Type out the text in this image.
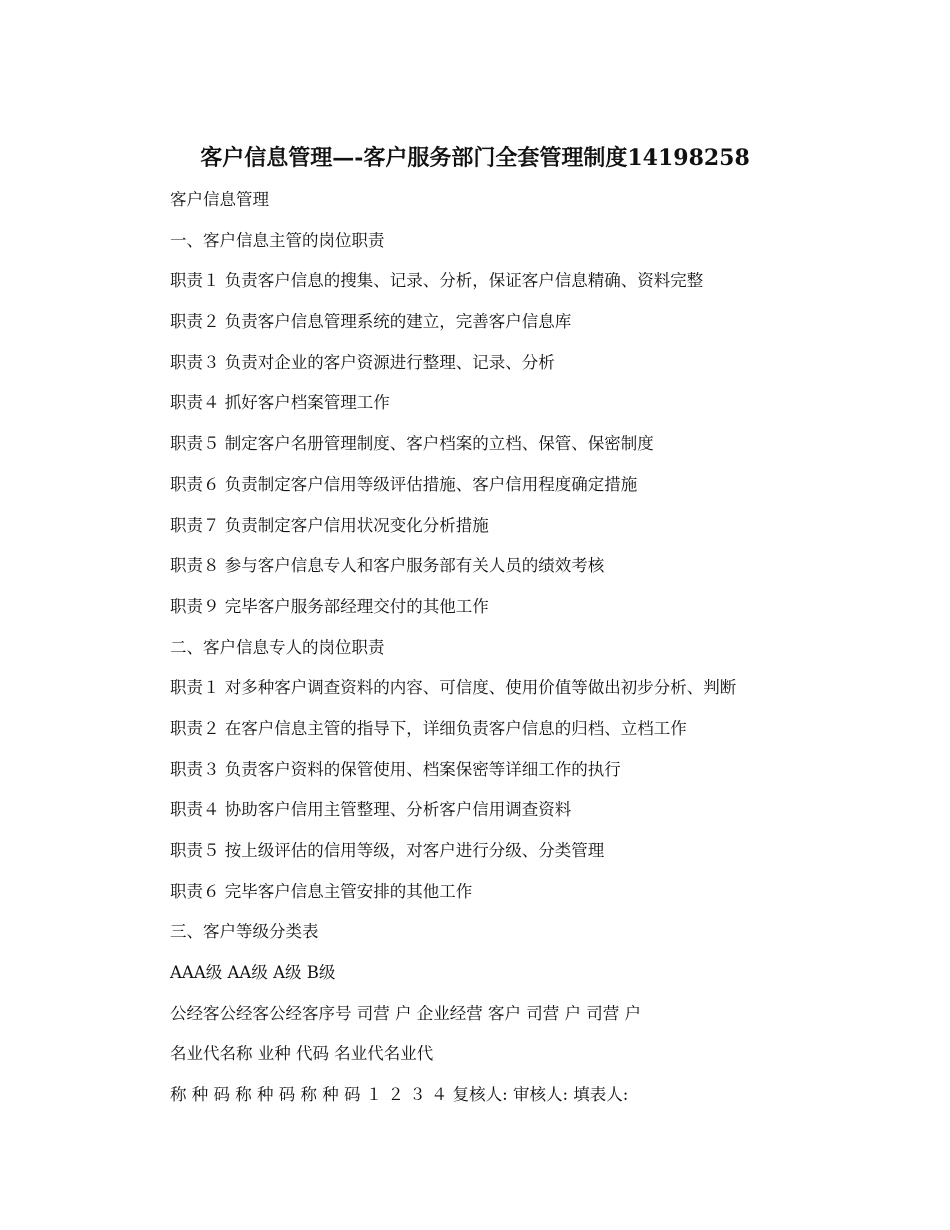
客户信息管理—-客户服务部门全套管理制度14198258
客户信息管理
一、客户信息主管的岗位职责
职责１ 负责客户信息的搜集、记录、分析，保证客户信息精确、资料完整
职责２ 负责客户信息管理系统的建立，完善客户信息库
职责３ 负责对企业的客户资源进行整理、记录、分析
职责４ 抓好客户档案管理工作
职责５ 制定客户名册管理制度、客户档案的立档、保管、保密制度
职责６ 负责制定客户信用等级评估措施、客户信用程度确定措施
职责７ 负责制定客户信用状况变化分析措施
职责８ 参与客户信息专人和客户服务部有关人员的绩效考核
职责９ 完毕客户服务部经理交付的其他工作
二、客户信息专人的岗位职责
职责１ 对多种客户调查资料的内容、可信度、使用价值等做出初步分析、判断
职责２ 在客户信息主管的指导下，详细负责客户信息的归档、立档工作
职责３ 负责客户资料的保管使用、档案保密等详细工作的执行
职责４ 协助客户信用主管整理、分析客户信用调查资料
职责５ 按上级评估的信用等级，对客户进行分级、分类管理
职责６ 完毕客户信息主管安排的其他工作
三、客户等级分类表
AAA级 AA级 A级 B级
公经客公经客公经客序号 司营 户 企业经营 客户 司营 户 司营 户
名业代名称 业种 代码 名业代名业代
称 种 码 称 种 码 称 种 码 １ ２ ３ ４ 复核人: 审核人: 填表人:
